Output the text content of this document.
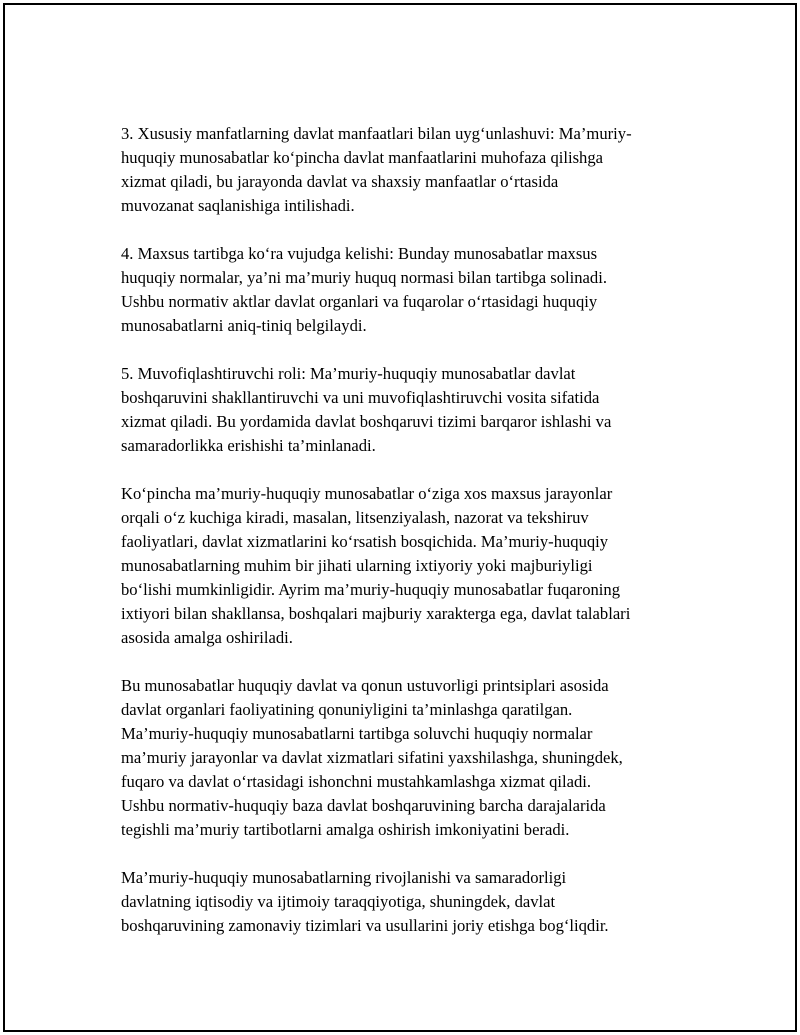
3. Xususiy manfatlarning davlat manfaatlari bilan uyg‘unlashuvi: Ma’muriy-
huquqiy munosabatlar ko‘pincha davlat manfaatlarini muhofaza qilishga
xizmat qiladi, bu jarayonda davlat va shaxsiy manfaatlar o‘rtasida
muvozanat saqlanishiga intilishadi.

4. Maxsus tartibga ko‘ra vujudga kelishi: Bunday munosabatlar maxsus
huquqiy normalar, ya’ni ma’muriy huquq normasi bilan tartibga solinadi.
Ushbu normativ aktlar davlat organlari va fuqarolar o‘rtasidagi huquqiy
munosabatlarni aniq-tiniq belgilaydi.

5. Muvofiqlashtiruvchi roli: Ma’muriy-huquqiy munosabatlar davlat
boshqaruvini shakllantiruvchi va uni muvofiqlashtiruvchi vosita sifatida
xizmat qiladi. Bu yordamida davlat boshqaruvi tizimi barqaror ishlashi va
samaradorlikka erishishi ta’minlanadi.

Ko‘pincha ma’muriy-huquqiy munosabatlar o‘ziga xos maxsus jarayonlar
orqali o‘z kuchiga kiradi, masalan, litsenziyalash, nazorat va tekshiruv
faoliyatlari, davlat xizmatlarini ko‘rsatish bosqichida. Ma’muriy-huquqiy
munosabatlarning muhim bir jihati ularning ixtiyoriy yoki majburiyligi
bo‘lishi mumkinligidir. Ayrim ma’muriy-huquqiy munosabatlar fuqaroning
ixtiyori bilan shakllansa, boshqalari majburiy xarakterga ega, davlat talablari
asosida amalga oshiriladi.

Bu munosabatlar huquqiy davlat va qonun ustuvorligi printsiplari asosida
davlat organlari faoliyatining qonuniyligini ta’minlashga qaratilgan.
Ma’muriy-huquqiy munosabatlarni tartibga soluvchi huquqiy normalar
ma’muriy jarayonlar va davlat xizmatlari sifatini yaxshilashga, shuningdek,
fuqaro va davlat o‘rtasidagi ishonchni mustahkamlashga xizmat qiladi.
Ushbu normativ-huquqiy baza davlat boshqaruvining barcha darajalarida
tegishli ma’muriy tartibotlarni amalga oshirish imkoniyatini beradi.

Ma’muriy-huquqiy munosabatlarning rivojlanishi va samaradorligi
davlatning iqtisodiy va ijtimoiy taraqqiyotiga, shuningdek, davlat
boshqaruvining zamonaviy tizimlari va usullarini joriy etishga bog‘liqdir.
